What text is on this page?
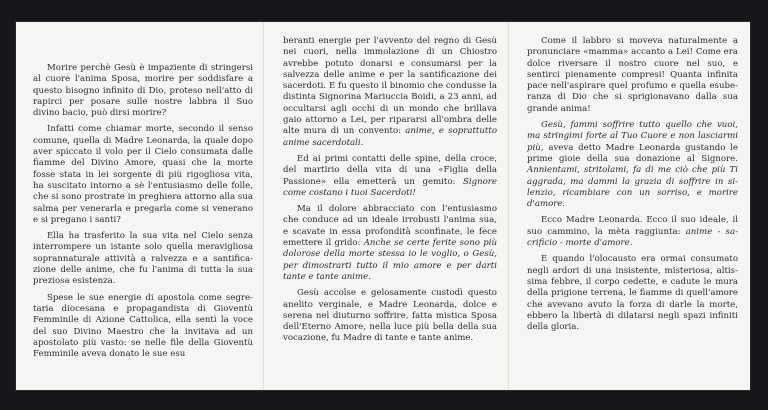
Morire perchè Gesù è impaziente di stringersi al cuore l'anima Sposa, morire per soddisfare a questo bisogno infinito di Dio, proteso nell'atto di rapirci per posare sulle nostre labbra il Suo divino bacio, può dirsi morire?

Infatti come chiamar morte, secondo il senso comune, quella di Madre Leonarda, la quale dopo aver spiccato il volo per il Cielo consumata dalle fiamme del Divino Amore, quasi che la morte fosse stata in lei sorgente di più rigogliosa vita, ha suscitato intorno a sè l'entusiasmo delle folle, che si sono prostrate in preghiera attorno alla sua salma per venerarla e pregarla come si venerano e si pregano i santi?

Ella ha trasferito la sua vita nel Cielo senza interrompere un istante solo quella meravigliosa soprannaturale attività a ralvezza e a santificazione delle anime, che fu l'anima di tutta la sua preziosa esistenza.

Spese le sue energie di apostola come segretaria diocesana e propagandista di Gioventù Femminile di Azione Cattolica, ella sentì la voce del suo Divino Maestro che la invitava ad un apostolato più vasto: se nelle file della Gioventù Femminile aveva donato le sue esu

beranti energie per l'avvento del regno di Gesù nei cuori, nella immolazione di un Chiostro avrebbe potuto donarsi e consumarsi per la salvezza delle anime e per la santificazione dei sacerdoti. E fu questo il binomio che condusse la distinta Signorina Mariuccia Boidi, a 23 anni, ad occultarsi agli occhi di un mondo che brillava gaio attorno a Lei, per ripararsi all'ombra delle alte mura di un convento: anime, e soprattutto anime sacerdotali.

Ed ai primi contatti delle spine, della croce, del martirio della vita di una «Figlia della Passione» ella emetterà un gemito: Signore come costano i tuoi Sacerdoti!

Ma il dolore abbracciato con l'entusiasmo che conduce ad un ideale irrobusti l'anima sua, e scavate in essa profondità sconfinate, le fece emettere il grido: Anche se certe ferite sono più dolorose della morte stessa io le voglio, o Gesù, per dimostrarti tutto il mio amore e per darti tante e tante anime.

Gesù accolse e gelosamente custodì questo anelito verginale, e Madre Leonarda, dolce e serena nel diuturno soffrire, fatta mistica Sposa dell'Eterno Amore, nella luce più bella della sua vocazione, fu Madre di tante e tante anime.

Come il labbro si moveva naturalmente a pronunciare «mamma» accanto a Lei! Come era dolce riversare il nostro cuore nel suo, e sentirci pienamente compresi! Quanta infinita pace nell'aspirare quel profumo e quella esuberanza di Dio che si sprigionavano dalla sua grande anima!

Gesù, fammi soffrire tutto quello che vuoi, ma stringimi forte al Tuo Cuore e non lasciarmi più, aveva detto Madre Leonarda gustando le prime gioie della sua donazione al Signore. Annientami, stritolami, fa di me ciò che più Ti aggrada, ma dammi la grazia di soffrire in silenzio, ricambiare con un sorriso, e morire d'amore.

Ecco Madre Leonarda. Ecco il suo ideale, il suo cammino, la mèta raggiunta: anime - sacrificio - morte d'amore.

E quando l'olocausto era ormai consumato negli ardori di una insistente, misteriosa, altissima febbre, il corpo cedette, e cadute le mura della prigione terrena, le fiamme di quell'amore che avevano avuto la forza di darle la morte, ebbero la libertà di dilatarsi negli spazi infiniti della gloria.
